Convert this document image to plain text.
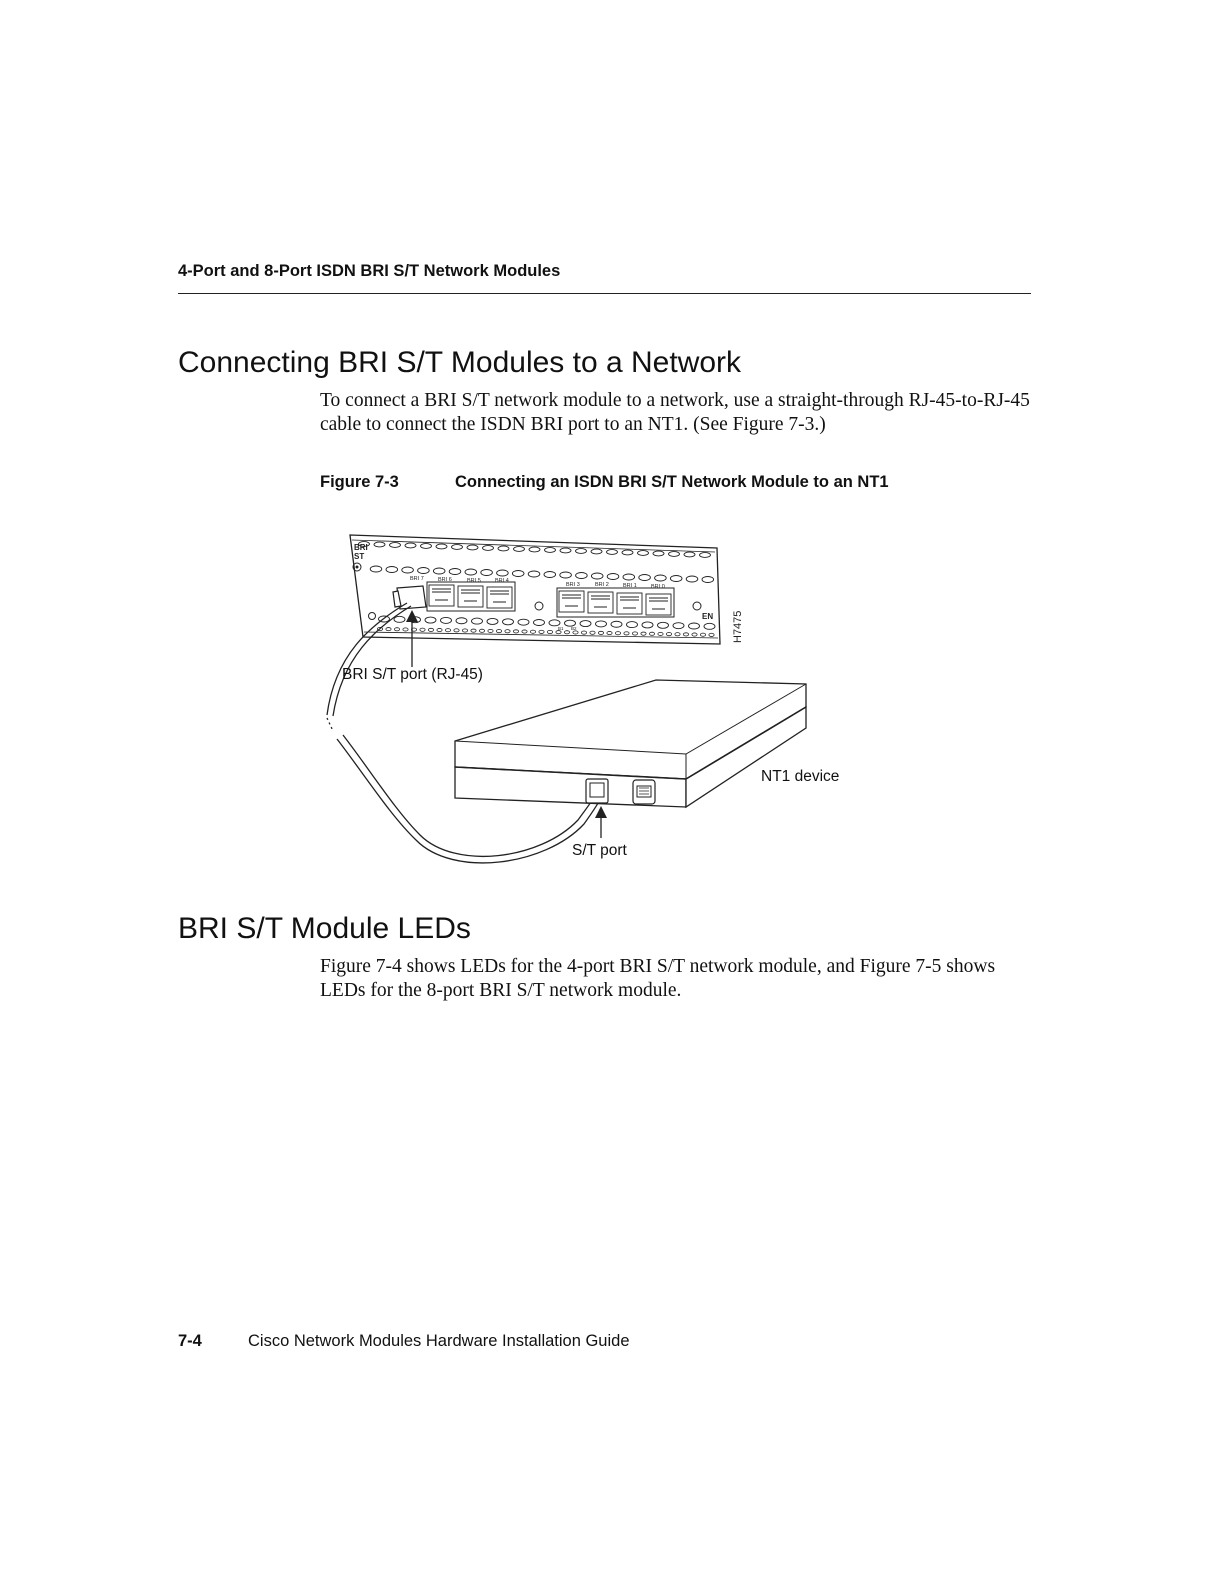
4-Port and 8-Port ISDN BRI S/T Network Modules
Connecting BRI S/T Modules to a Network

To connect a BRI S/T network module to a network, use a straight-through RJ-45-to-RJ-45 cable to connect the ISDN BRI port to an NT1. (See Figure 7-3.)

Figure 7-3	Connecting an ISDN BRI S/T Network Module to an NT1
BRI
ST
BRI 7	BRI 6	BRI 5	BRI 4
BRI 3	BRI 2	BRI 1	BRI 0
B1 B2
EN H7475
BRI S/T port (RJ-45)
NT1 device
S/T port
BRI S/T Module LEDs

Figure 7-4 shows LEDs for the 4-port BRI S/T network module, and Figure 7-5 shows LEDs for the 8-port BRI S/T network module.

7-4	Cisco Network Modules Hardware Installation Guide
